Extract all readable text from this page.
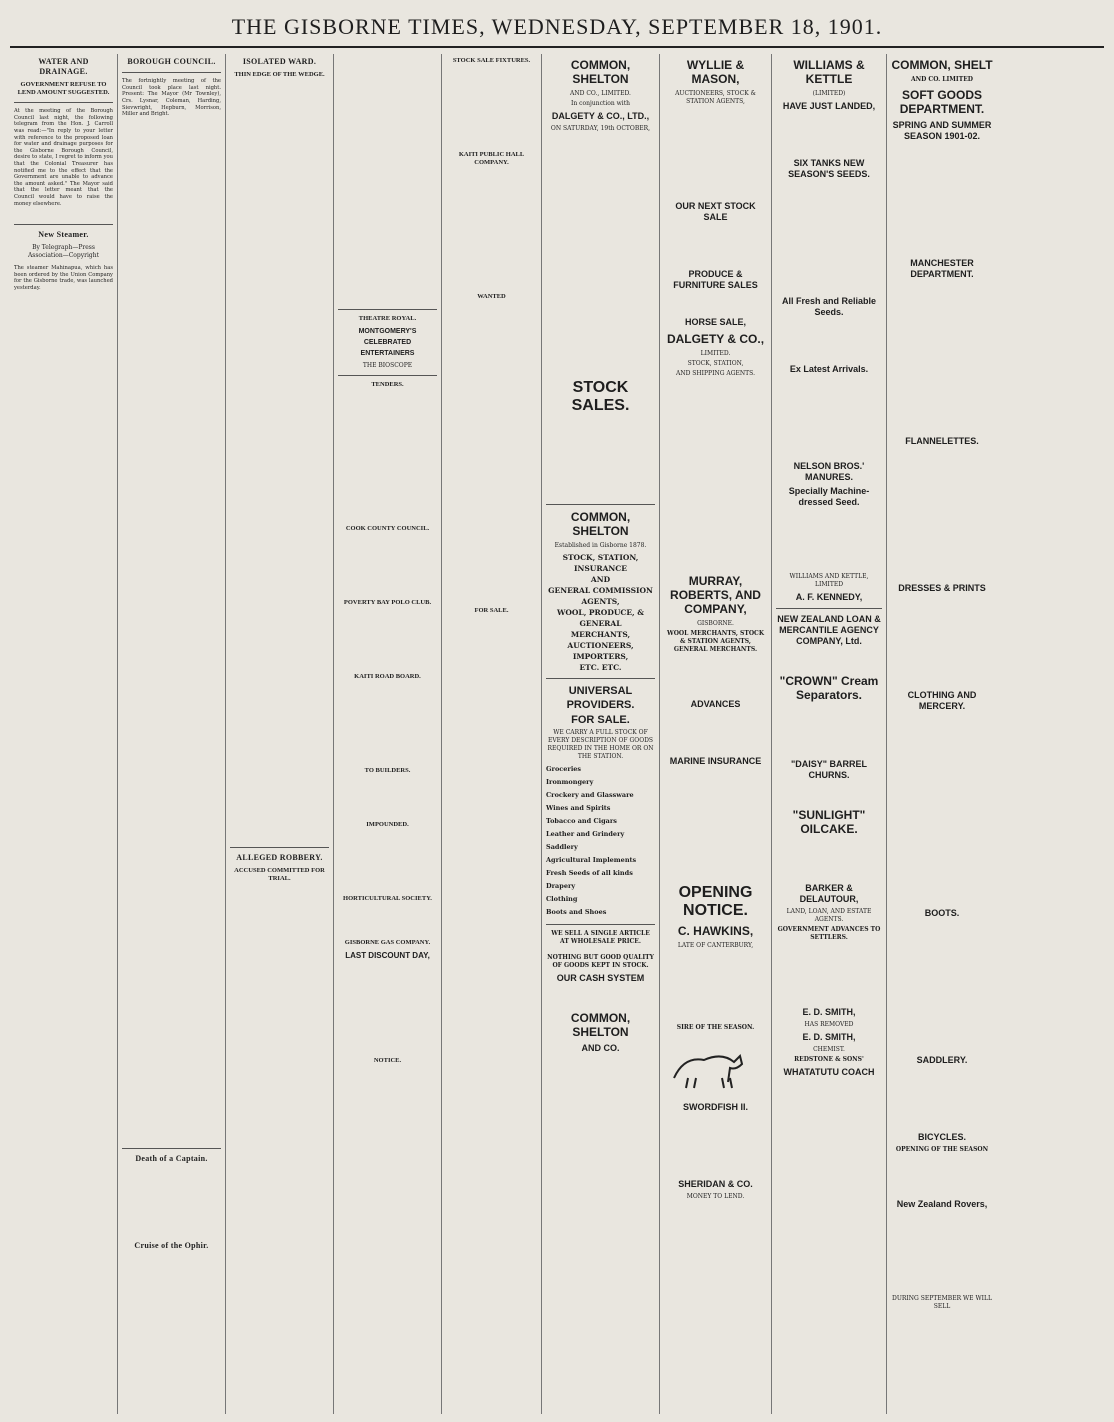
THE GISBORNE TIMES, WEDNESDAY, SEPTEMBER 18, 1901.
WATER AND DRAINAGE.
GOVERNMENT REFUSE TO LEND AMOUNT SUGGESTED.

At the meeting of the Borough Council last night, the following telegram from the Hon. J. Carroll was read:—"In reply to your letter with reference to the proposed loan for water and drainage purposes for the Gisborne Borough Council, desire to state, I regret to inform you that the Colonial Treasurer has notified me to the effect that the Government are unable to advance the amount asked." The Mayor said that the letter meant that the Council would have to raise the money elsewhere.

New Steamer.
By Telegraph—Press Association—Copyright

The steamer Mahinapua, which has been ordered by the Union Company for the Gisborne trade, was launched yesterday.

BOROUGH COUNCIL.

The fortnightly meeting of the Council took place last night. Present: The Mayor (Mr Townley), Crs. Lysnar, Coleman, Harding, Sievwright, Hepburn, Morrison, Miller and Bright.

Death of a Captain.
Cruise of the Ophir.
ISOLATED WARD.
THIN EDGE OF THE WEDGE.
ALLEGED ROBBERY.
ACCUSED COMMITTED FOR TRIAL.
THEATRE ROYAL.
MONTGOMERY'S CELEBRATED ENTERTAINERS
THE BIOSCOPE
TENDERS.
COOK COUNTY COUNCIL.
POVERTY BAY POLO CLUB.
KAITI ROAD BOARD.
TO BUILDERS.
IMPOUNDED.
HORTICULTURAL SOCIETY.
GISBORNE GAS COMPANY.
LAST DISCOUNT DAY,
NOTICE.
STOCK SALE FIXTURES.
KAITI PUBLIC HALL COMPANY.
WANTED
FOR SALE.
COMMON, SHELTON
AND CO., LIMITED.
In conjunction with
DALGETY & CO., LTD.,
ON SATURDAY, 19th OCTOBER,
STOCK SALES.
COMMON, SHELTON
Established in Gisborne 1878.
STOCK, STATION, INSURANCE
AND
GENERAL COMMISSION
AGENTS,
WOOL, PRODUCE, & GENERAL
MERCHANTS,
AUCTIONEERS, IMPORTERS,
ETC. ETC.
UNIVERSAL PROVIDERS.
FOR SALE.
WE CARRY A FULL STOCK OF EVERY DESCRIPTION OF GOODS REQUIRED IN THE HOME OR ON THE STATION.
Groceries
Ironmongery
Crockery and Glassware
Wines and Spirits
Tobacco and Cigars
Leather and Grindery
Saddlery
Agricultural Implements
Fresh Seeds of all kinds
Drapery
Clothing
Boots and Shoes
WE SELL A SINGLE ARTICLE AT WHOLESALE PRICE.
NOTHING BUT GOOD QUALITY OF GOODS KEPT IN STOCK.
OUR CASH SYSTEM
COMMON, SHELTON
AND CO.
WYLLIE & MASON,
AUCTIONEERS, STOCK & STATION AGENTS,
OUR NEXT STOCK SALE
PRODUCE & FURNITURE SALES
HORSE SALE,
DALGETY & CO.,
LIMITED.
STOCK, STATION,
AND SHIPPING AGENTS.
MURRAY, ROBERTS, AND COMPANY,
GISBORNE.
WOOL MERCHANTS, STOCK & STATION AGENTS, GENERAL MERCHANTS.
ADVANCES
MARINE INSURANCE
OPENING NOTICE.
C. HAWKINS,
LATE OF CANTERBURY,
SIRE OF THE SEASON.
SWORDFISH II.
SHERIDAN & CO.
MONEY TO LEND.
WILLIAMS & KETTLE
(LIMITED)
HAVE JUST LANDED,
SIX TANKS NEW SEASON'S SEEDS.
All Fresh and Reliable Seeds.
Ex Latest Arrivals.
NELSON BROS.' MANURES.
Specially Machine-dressed Seed.
WILLIAMS AND KETTLE, LIMITED
A. F. KENNEDY,
NEW ZEALAND LOAN & MERCANTILE AGENCY COMPANY, Ltd.
"CROWN" Cream Separators.
"DAISY" BARREL CHURNS.
"SUNLIGHT" OILCAKE.
BARKER & DELAUTOUR,
LAND, LOAN, AND ESTATE AGENTS.
GOVERNMENT ADVANCES TO SETTLERS.
E. D. SMITH,
HAS REMOVED
E. D. SMITH,
CHEMIST.
REDSTONE & SONS'
WHATATUTU COACH
COMMON, SHELT
AND CO. LIMITED
SOFT GOODS DEPARTMENT.
SPRING AND SUMMER SEASON 1901-02.
MANCHESTER DEPARTMENT.
FLANNELETTES.
DRESSES & PRINTS
CLOTHING AND MERCERY.
BOOTS.
SADDLERY.
BICYCLES.
OPENING OF THE SEASON
New Zealand Rovers,
DURING SEPTEMBER WE WILL SELL
